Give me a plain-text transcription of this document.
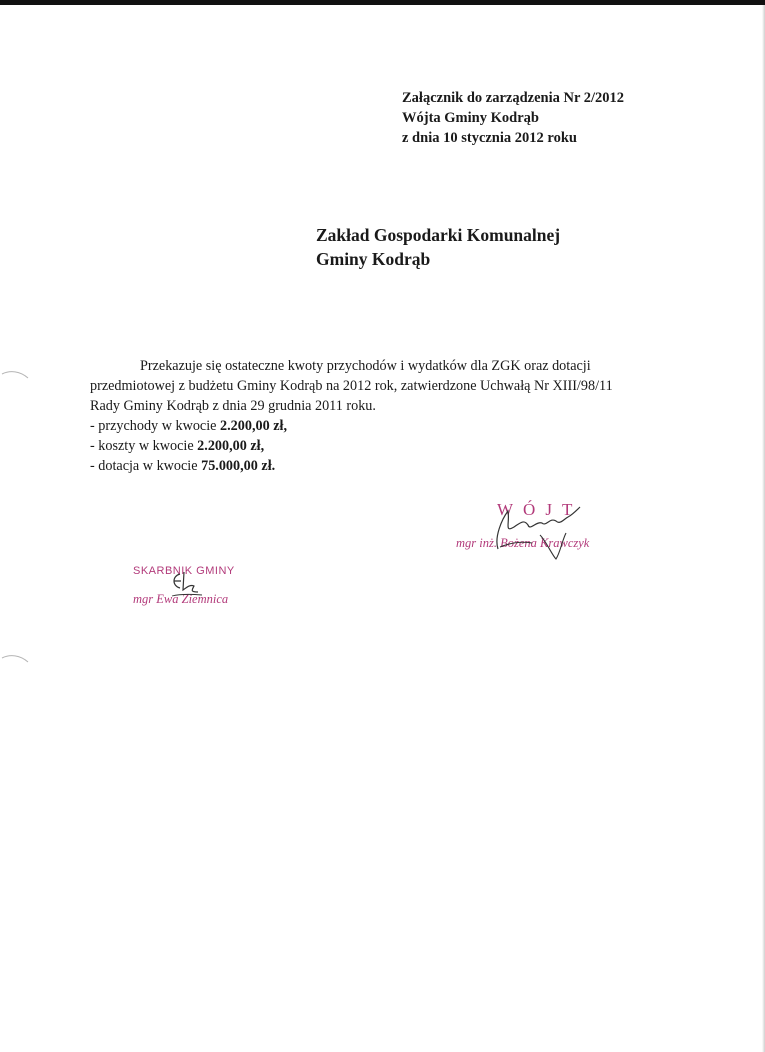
Załącznik do zarządzenia Nr 2/2012
Wójta Gminy Kodrąb
z dnia 10 stycznia 2012 roku
Zakład Gospodarki Komunalnej
Gminy Kodrąb
Przekazuje się ostateczne kwoty przychodów i wydatków dla ZGK oraz dotacji
przedmiotowej z budżetu Gminy Kodrąb na 2012 rok, zatwierdzone Uchwałą Nr XIII/98/11
Rady Gminy Kodrąb z dnia 29 grudnia 2011 roku.
- przychody w kwocie 2.200,00 zł,
- koszty w kwocie 2.200,00 zł,
- dotacja w kwocie 75.000,00 zł.
WÓJT
mgr inż. Bożena Krawczyk
SKARBNIK GMINY
mgr Ewa Ziemnica
